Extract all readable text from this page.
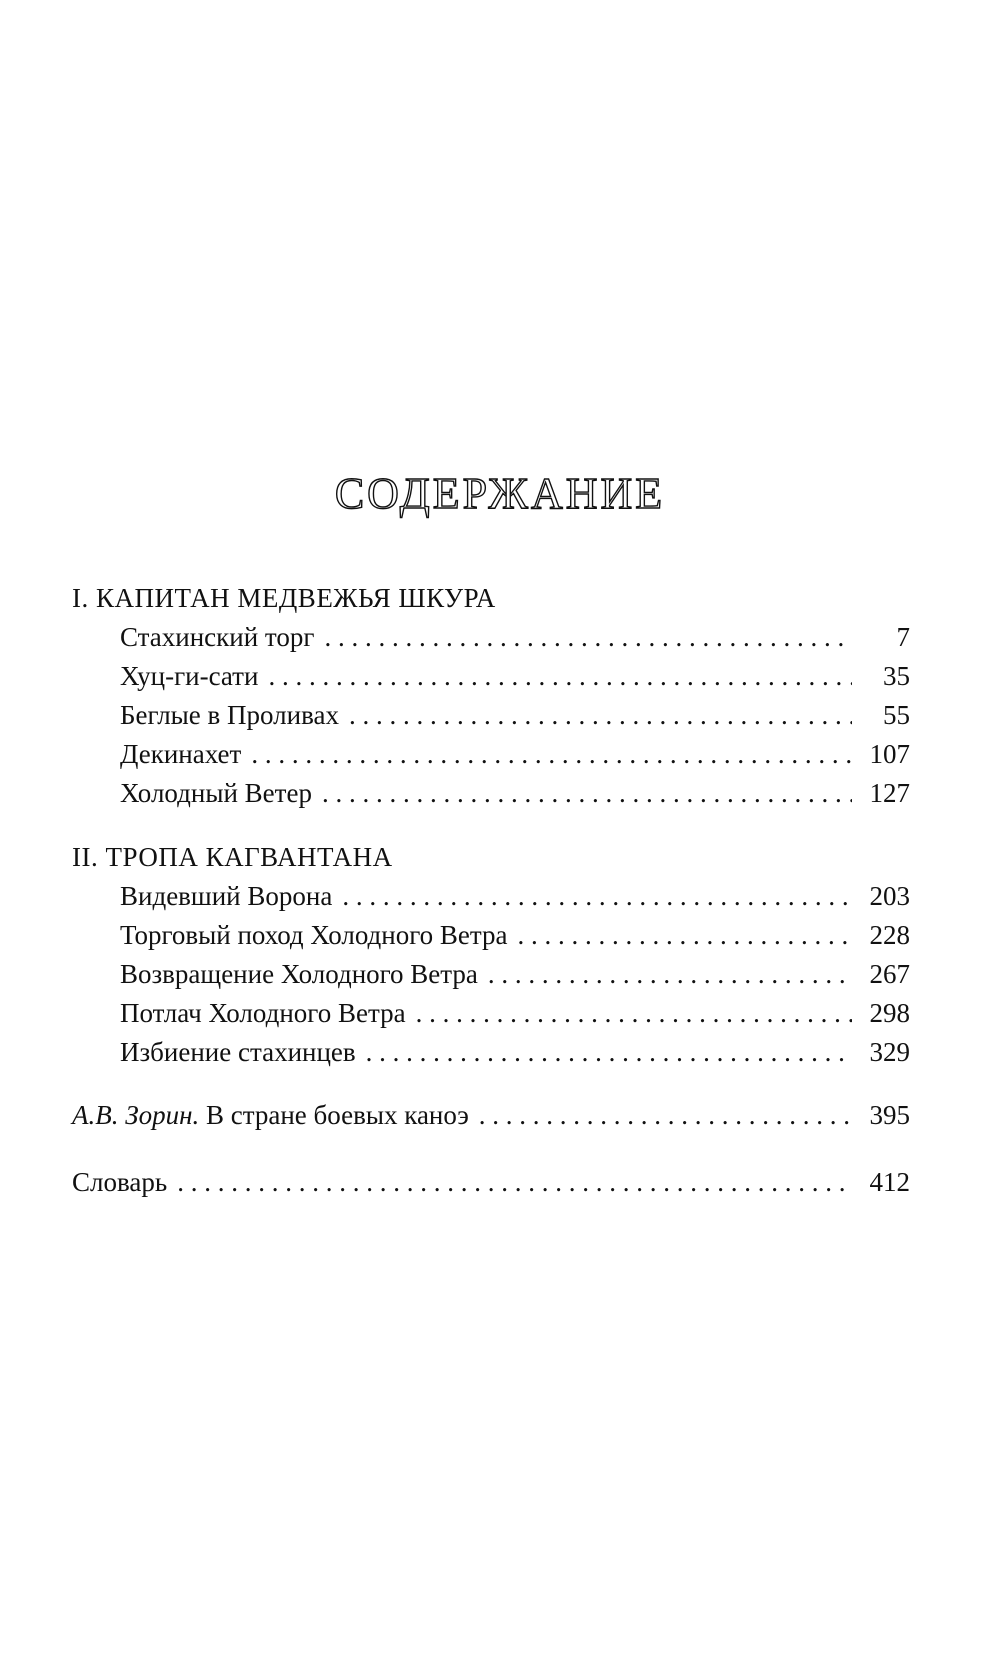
СОДЕРЖАНИЕ
I. КАПИТАН МЕДВЕЖЬЯ ШКУРА
Стахинский торг . . .	7
Хуц-ги-сати . . .	35
Беглые в Проливах . . .	55
Декинахет . . .	107
Холодный Ветер . . .	127
II. ТРОПА КАГВАНТАНА
Видевший Ворона . . .	203
Торговый поход Холодного Ветра . . .	228
Возвращение Холодного Ветра . . .	267
Потлач Холодного Ветра . . .	298
Избиение стахинцев . . .	329
А.В. Зорин. В стране боевых каноэ . . .	395
Словарь . . .	412
